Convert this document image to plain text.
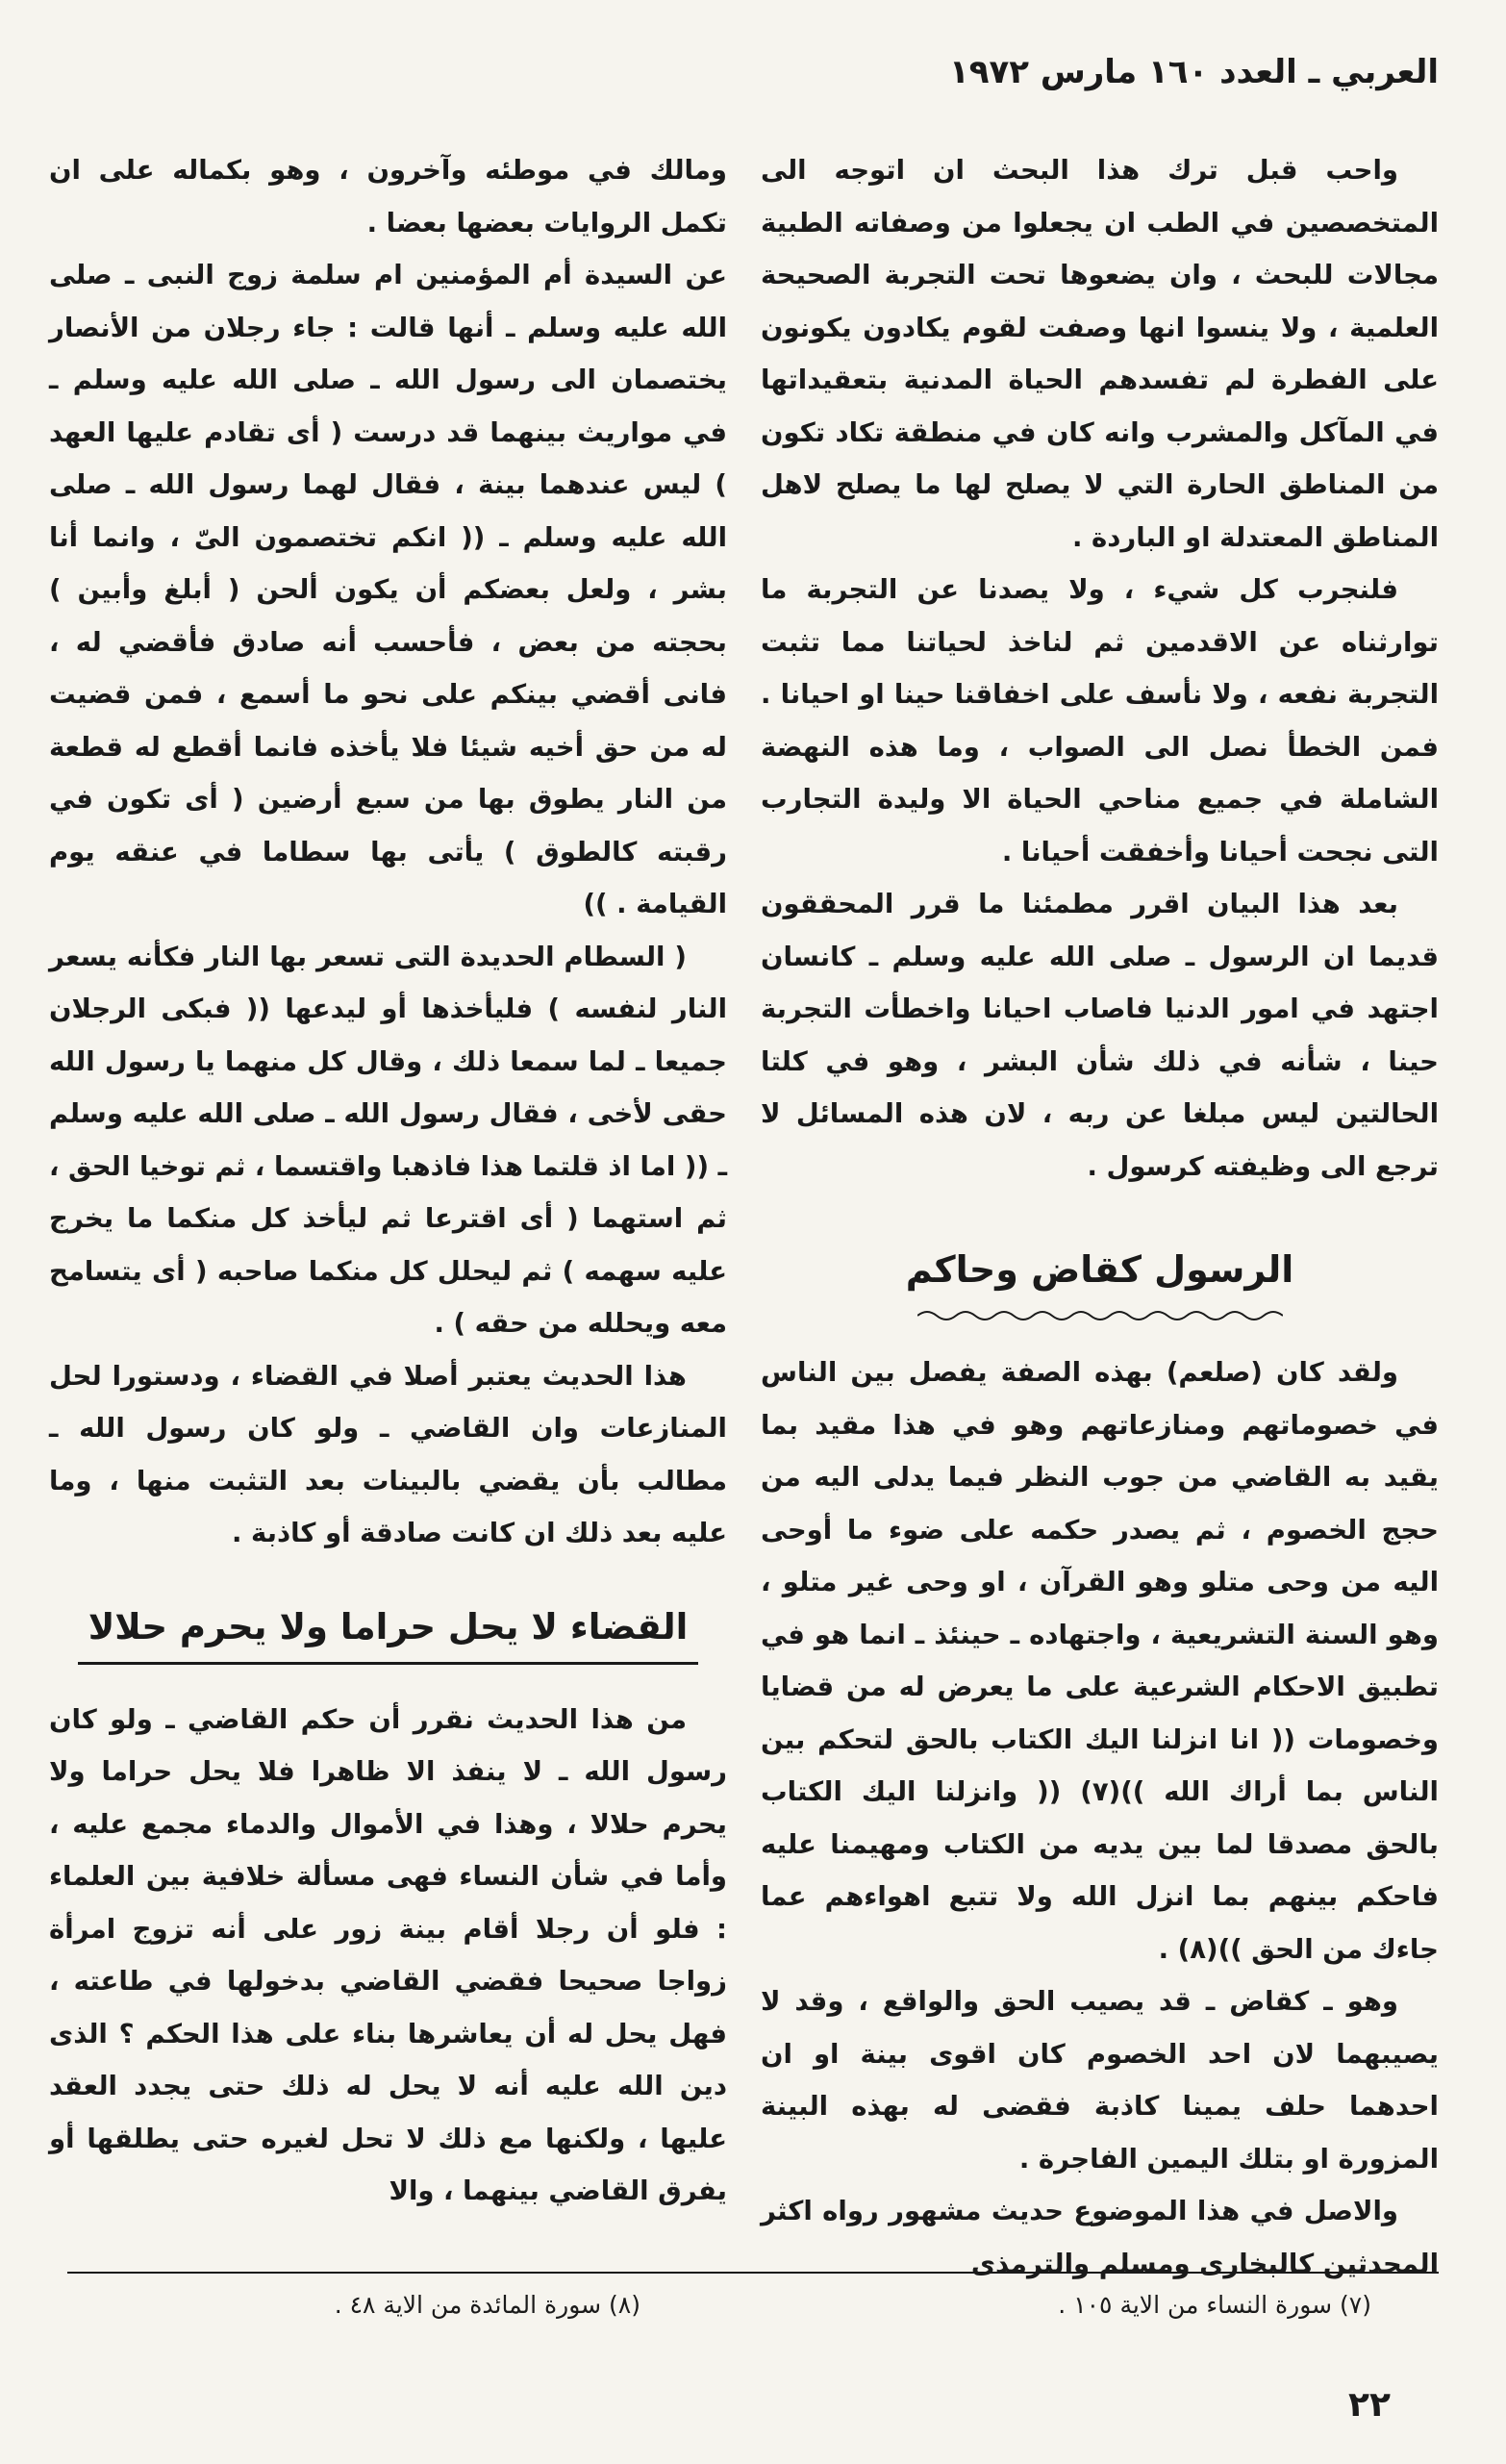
العربي ـ العدد ١٦٠ مارس ١٩٧٢

واحب قبل ترك هذا البحث ان اتوجه الى المتخصصين في الطب ان يجعلوا من وصفاته الطبية مجالات للبحث ، وان يضعوها تحت التجربة الصحيحة العلمية ، ولا ينسوا انها وصفت لقوم يكادون يكونون على الفطرة لم تفسدهم الحياة المدنية بتعقيداتها في المآكل والمشرب وانه كان في منطقة تكاد تكون من المناطق الحارة التي لا يصلح لها ما يصلح لاهل المناطق المعتدلة او الباردة .

فلنجرب كل شيء ، ولا يصدنا عن التجربة ما توارثناه عن الاقدمين ثم لناخذ لحياتنا مما تثبت التجربة نفعه ، ولا نأسف على اخفاقنا حينا او احيانا . فمن الخطأ نصل الى الصواب ، وما هذه النهضة الشاملة في جميع مناحي الحياة الا وليدة التجارب التى نجحت أحيانا وأخفقت أحيانا .

بعد هذا البيان اقرر مطمئنا ما قرر المحققون قديما ان الرسول ـ صلى الله عليه وسلم ـ كانسان اجتهد في امور الدنيا فاصاب احيانا واخطأت التجربة حينا ، شأنه في ذلك شأن البشر ، وهو في كلتا الحالتين ليس مبلغا عن ربه ، لان هذه المسائل لا ترجع الى وظيفته كرسول .

الرسول كقاض وحاكم

ولقد كان (صلعم) بهذه الصفة يفصل بين الناس في خصوماتهم ومنازعاتهم وهو في هذا مقيد بما يقيد به القاضي من جوب النظر فيما يدلى اليه من حجج الخصوم ، ثم يصدر حكمه على ضوء ما أوحى اليه من وحى متلو وهو القرآن ، او وحى غير متلو ، وهو السنة التشريعية ، واجتهاده ـ حينئذ ـ انما هو في تطبيق الاحكام الشرعية على ما يعرض له من قضايا وخصومات (( انا انزلنا اليك الكتاب بالحق لتحكم بين الناس بما أراك الله ))(٧) (( وانزلنا اليك الكتاب بالحق مصدقا لما بين يديه من الكتاب ومهيمنا عليه فاحكم بينهم بما انزل الله ولا تتبع اهواءهم عما جاءك من الحق ))(٨) .

وهو ـ كقاض ـ قد يصيب الحق والواقع ، وقد لا يصيبهما لان احد الخصوم كان اقوى بينة او ان احدهما حلف يمينا كاذبة فقضى له بهذه البينة المزورة او بتلك اليمين الفاجرة .

والاصل في هذا الموضوع حديث مشهور رواه اكثر المحدثين كالبخارى ومسلم والترمذى

ومالك في موطئه وآخرون ، وهو بكماله على ان تكمل الروايات بعضها بعضا .

عن السيدة أم المؤمنين ام سلمة زوج النبى ـ صلى الله عليه وسلم ـ أنها قالت : جاء رجلان من الأنصار يختصمان الى رسول الله ـ صلى الله عليه وسلم ـ في مواريث بينهما قد درست ( أى تقادم عليها العهد ) ليس عندهما بينة ، فقال لهما رسول الله ـ صلى الله عليه وسلم ـ (( انكم تختصمون الىّ ، وانما أنا بشر ، ولعل بعضكم أن يكون ألحن ( أبلغ وأبين ) بحجته من بعض ، فأحسب أنه صادق فأقضي له ، فانى أقضي بينكم على نحو ما أسمع ، فمن قضيت له من حق أخيه شيئا فلا يأخذه فانما أقطع له قطعة من النار يطوق بها من سبع أرضين ( أى تكون في رقبته كالطوق ) يأتى بها سطاما في عنقه يوم القيامة . ))

( السطام الحديدة التى تسعر بها النار فكأنه يسعر النار لنفسه ) فليأخذها أو ليدعها (( فبكى الرجلان جميعا ـ لما سمعا ذلك ، وقال كل منهما يا رسول الله حقى لأخى ، فقال رسول الله ـ صلى الله عليه وسلم ـ (( اما اذ قلتما هذا فاذهبا واقتسما ، ثم توخيا الحق ، ثم استهما ( أى اقترعا ثم ليأخذ كل منكما ما يخرج عليه سهمه ) ثم ليحلل كل منكما صاحبه ( أى يتسامح معه ويحلله من حقه ) .

هذا الحديث يعتبر أصلا في القضاء ، ودستورا لحل المنازعات وان القاضي ـ ولو كان رسول الله ـ مطالب بأن يقضي بالبينات بعد التثبت منها ، وما عليه بعد ذلك ان كانت صادقة أو كاذبة .

القضاء لا يحل حراما ولا يحرم حلالا

من هذا الحديث نقرر أن حكم القاضي ـ ولو كان رسول الله ـ لا ينفذ الا ظاهرا فلا يحل حراما ولا يحرم حلالا ، وهذا في الأموال والدماء مجمع عليه ، وأما في شأن النساء فهى مسألة خلافية بين العلماء : فلو أن رجلا أقام بينة زور على أنه تزوج امرأة زواجا صحيحا فقضي القاضي بدخولها في طاعته ، فهل يحل له أن يعاشرها بناء على هذا الحكم ؟ الذى دين الله عليه أنه لا يحل له ذلك حتى يجدد العقد عليها ، ولكنها مع ذلك لا تحل لغيره حتى يطلقها أو يفرق القاضي بينهما ، والا

(٧) سورة النساء من الاية ١٠٥ .
(٨) سورة المائدة من الاية ٤٨ .
٢٢
